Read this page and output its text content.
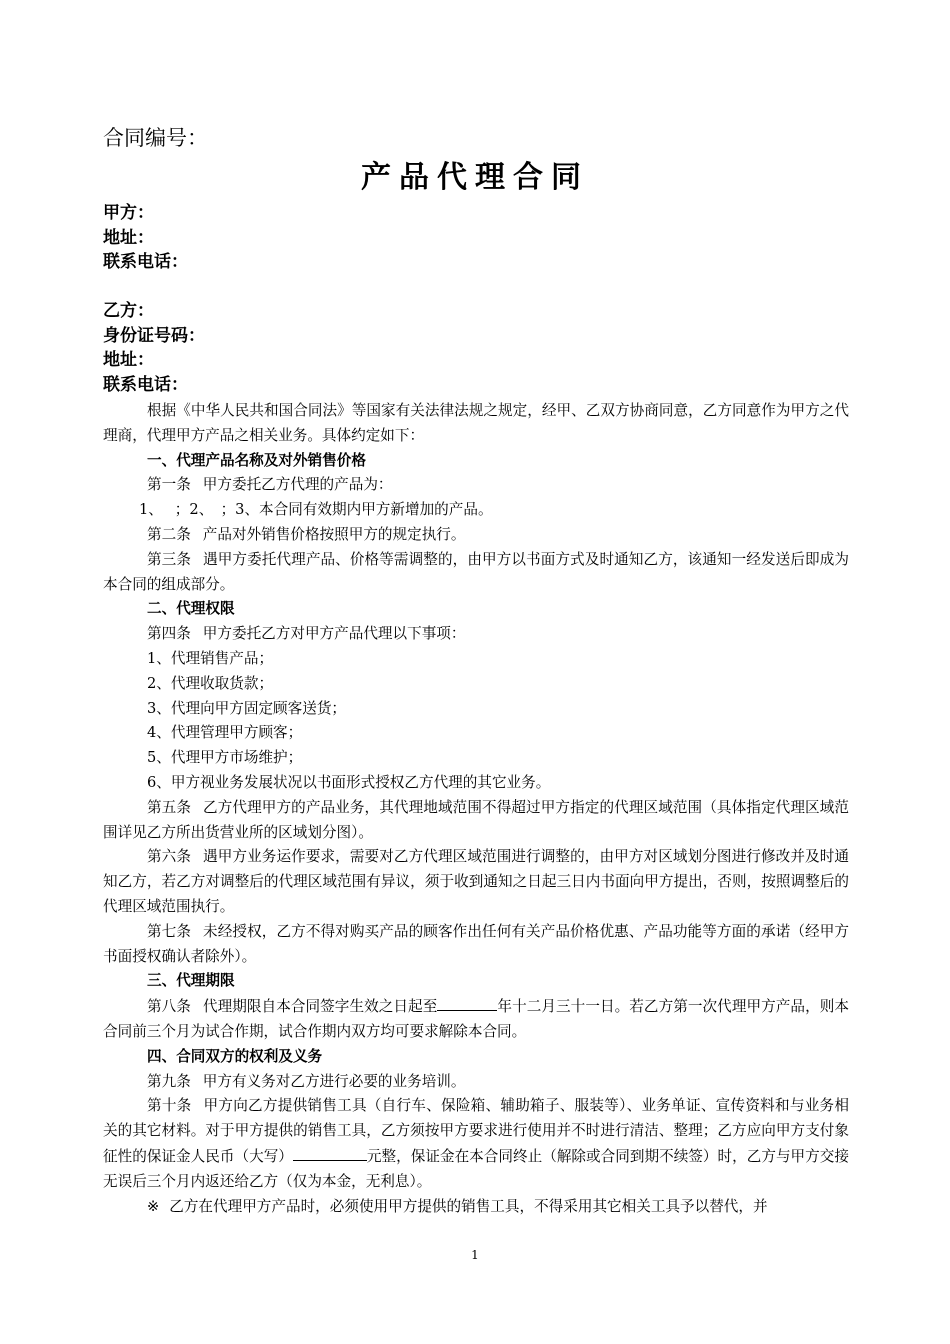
合同编号：
产品代理合同
甲方：
地址：
联系电话：
乙方：
身份证号码：
地址：
联系电话：

根据《中华人民共和国合同法》等国家有关法律法规之规定，经甲、乙双方协商同意，乙方同意作为甲方之代理商，代理甲方产品之相关业务。具体约定如下：

一、代理产品名称及对外销售价格

第一条 甲方委托乙方代理的产品为：

1、　 ；2、　；3、本合同有效期内甲方新增加的产品。

第二条 产品对外销售价格按照甲方的规定执行。

第三条 遇甲方委托代理产品、价格等需调整的，由甲方以书面方式及时通知乙方，该通知一经发送后即成为本合同的组成部分。

二、代理权限

第四条 甲方委托乙方对甲方产品代理以下事项：

1、代理销售产品；

2、代理收取货款；

3、代理向甲方固定顾客送货；

4、代理管理甲方顾客；

5、代理甲方市场维护；

6、甲方视业务发展状况以书面形式授权乙方代理的其它业务。

第五条 乙方代理甲方的产品业务，其代理地域范围不得超过甲方指定的代理区域范围（具体指定代理区域范围详见乙方所出货营业所的区域划分图）。

第六条 遇甲方业务运作要求，需要对乙方代理区域范围进行调整的，由甲方对区域划分图进行修改并及时通知乙方，若乙方对调整后的代理区域范围有异议，须于收到通知之日起三日内书面向甲方提出，否则，按照调整后的代理区域范围执行。

第七条 未经授权，乙方不得对购买产品的顾客作出任何有关产品价格优惠、产品功能等方面的承诺（经甲方书面授权确认者除外）。

三、代理期限

第八条 代理期限自本合同签字生效之日起至	年十二月三十一日。若乙方第一次代理甲方产品，则本合同前三个月为试合作期，试合作期内双方均可要求解除本合同。

四、合同双方的权利及义务

第九条 甲方有义务对乙方进行必要的业务培训。

第十条 甲方向乙方提供销售工具（自行车、保险箱、辅助箱子、服装等）、业务单证、宣传资料和与业务相关的其它材料。对于甲方提供的销售工具，乙方须按甲方要求进行使用并不时进行清洁、整理；乙方应向甲方支付象征性的保证金人民币（大写）	元整，保证金在本合同终止（解除或合同到期不续签）时，乙方与甲方交接无误后三个月内返还给乙方（仅为本金，无利息）。

※ 乙方在代理甲方产品时，必须使用甲方提供的销售工具，不得采用其它相关工具予以替代，并

1
